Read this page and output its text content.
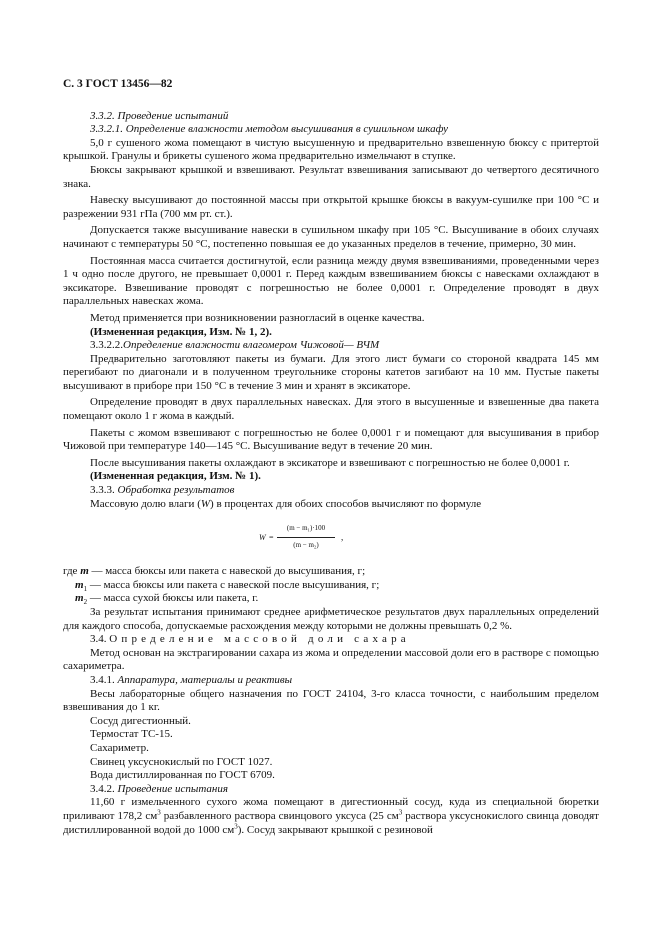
С. 3 ГОСТ 13456—82
3.3.2. Проведение испытаний
3.3.2.1. Определение влажности методом высушивания в сушильном шкафу

5,0 г сушеного жома помещают в чистую высушенную и предварительно взвешенную бюксу с притертой крышкой. Гранулы и брикеты сушеного жома предварительно измельчают в ступке.

Бюксы закрывают крышкой и взвешивают. Результат взвешивания записывают до четвертого десятичного знака.

Навеску высушивают до постоянной массы при открытой крышке бюксы в вакуум-сушилке при 100 °С и разрежении 931 гПа (700 мм рт. ст.).

Допускается также высушивание навески в сушильном шкафу при 105 °С. Высушивание в обоих случаях начинают с температуры 50 °С, постепенно повышая ее до указанных пределов в течение, примерно, 30 мин.

Постоянная масса считается достигнутой, если разница между двумя взвешиваниями, проведенными через 1 ч одно после другого, не превышает 0,0001 г. Перед каждым взвешиванием бюксы с навесками охлаждают в эксикаторе. Взвешивание проводят с погрешностью не более 0,0001 г. Определение проводят в двух параллельных навесках жома.

Метод применяется при возникновении разногласий в оценке качества.

(Измененная редакция, Изм. № 1, 2).
3.3.2.2.Определение влажности влагомером Чижовой— ВЧМ

Предварительно заготовляют пакеты из бумаги. Для этого лист бумаги со стороной квадрата 145 мм перегибают по диагонали и в полученном треугольнике стороны катетов загибают на 10 мм. Пустые пакеты высушивают в приборе при 150 °С в течение 3 мин и хранят в эксикаторе.

Определение проводят в двух параллельных навесках. Для этого в высушенные и взвешенные два пакета помещают около 1 г жома в каждый.

Пакеты с жомом взвешивают с погрешностью не более 0,0001 г и помещают для высушивания в прибор Чижовой при температуре 140—145 °С. Высушивание ведут в течение 20 мин.

После высушивания пакеты охлаждают в эксикаторе и взвешивают с погрешностью не более 0,0001 г.

(Измененная редакция, Изм. № 1).
3.3.3. Обработка результатов

Массовую долю влаги (W) в процентах для обоих способов вычисляют по формуле

W =
(m − m₁)·100
(m − m₂)
,
где m — масса бюксы или пакета с навеской до высушивания, г;
$m_1$ — масса бюксы или пакета с навеской после высушивания, г;
$m_2$ — масса сухой бюксы или пакета, г.

За результат испытания принимают среднее арифметическое результатов двух параллельных определений для каждого способа, допускаемые расхождения между которыми не должны превышать 0,2 %.

3.4. Определение массовой доли сахара

Метод основан на экстрагировании сахара из жома и определении массовой доли его в растворе с помощью сахариметра.

3.4.1. Аппаратура, материалы и реактивы

Весы лабораторные общего назначения по ГОСТ 24104, 3-го класса точности, с наибольшим пределом взвешивания до 1 кг.

Сосуд дигестионный.
Термостат ТС-15.
Сахариметр.
Свинец уксуснокислый по ГОСТ 1027.
Вода дистиллированная по ГОСТ 6709.
3.4.2. Проведение испытания

11,60 г измельченного сухого жома помещают в дигестионный сосуд, куда из специальной бюретки приливают 178,2 $см^3$ разбавленного раствора свинцового уксуса (25 $см^3$ раствора уксуснокислого свинца доводят дистиллированной водой до 1000 $см^3$). Сосуд закрывают крышкой с резиновой
